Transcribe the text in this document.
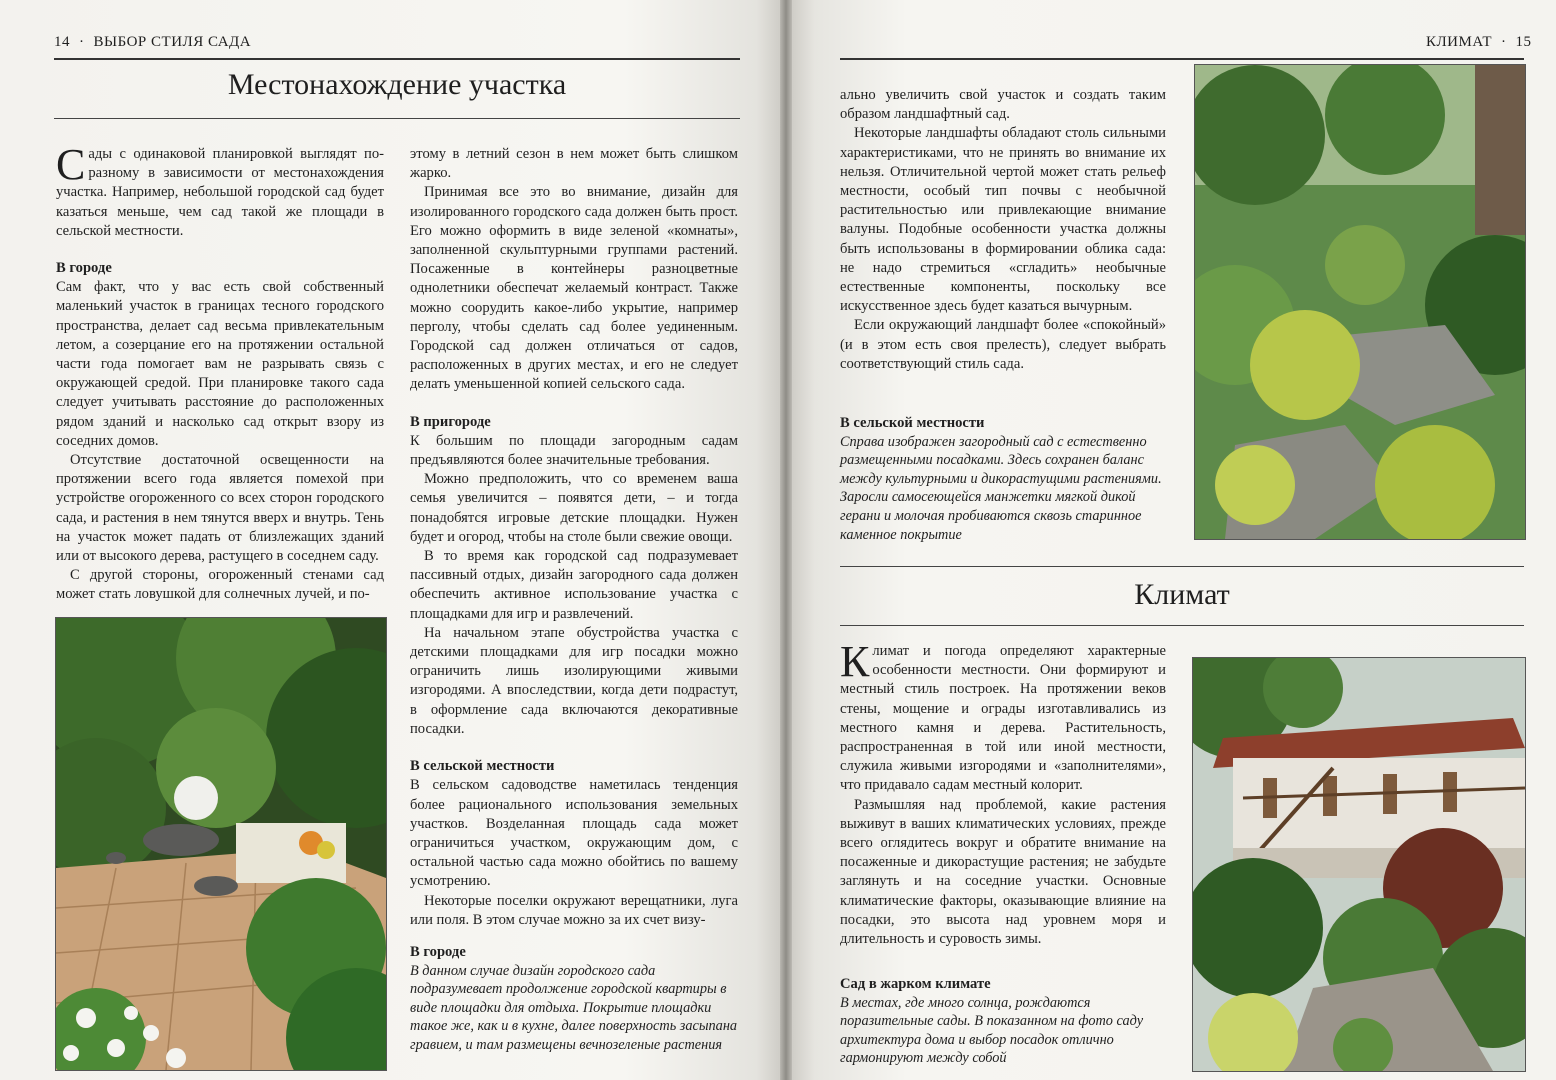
14 · ВЫБОР СТИЛЯ САДА
Местонахождение участка

Сады с одинаковой планировкой выглядят по-разному в зависимости от местонахождения участка. Например, небольшой городской сад будет казаться меньше, чем сад такой же площади в сельской местности.

В городе

Сам факт, что у вас есть свой собственный маленький участок в границах тесного городского пространства, делает сад весьма привлекательным летом, а созерцание его на протяжении остальной части года помогает вам не разрывать связь с окружающей средой. При планировке такого сада следует учитывать расстояние до расположенных рядом зданий и насколько сад открыт взору из соседних домов.

Отсутствие достаточной освещенности на протяжении всего года является помехой при устройстве огороженного со всех сторон городского сада, и растения в нем тянутся вверх и внутрь. Тень на участок может падать от близлежащих зданий или от высокого дерева, растущего в соседнем саду.

С другой стороны, огороженный стенами сад может стать ловушкой для солнечных лучей, и по-

этому в летний сезон в нем может быть слишком жарко.

Принимая все это во внимание, дизайн для изолированного городского сада должен быть прост. Его можно оформить в виде зеленой «комнаты», заполненной скульптурными группами растений. Посаженные в контейнеры разноцветные однолетники обеспечат желаемый контраст. Также можно соорудить какое-либо укрытие, например перголу, чтобы сделать сад более уединенным. Городской сад должен отличаться от садов, расположенных в других местах, и его не следует делать уменьшенной копией сельского сада.

В пригороде

К большим по площади загородным садам предъявляются более значительные требования.

Можно предположить, что со временем ваша семья увеличится – появятся дети, – и тогда понадобятся игровые детские площадки. Нужен будет и огород, чтобы на столе были свежие овощи.

В то время как городской сад подразумевает пассивный отдых, дизайн загородного сада должен обеспечить активное использование участка с площадками для игр и развлечений.

На начальном этапе обустройства участка с детскими площадками для игр посадки можно ограничить лишь изолирующими живыми изгородями. А впоследствии, когда дети подрастут, в оформление сада включаются декоративные посадки.

В сельской местности

В сельском садоводстве наметилась тенденция более рационального использования земельных участков. Возделанная площадь сада может ограничиться участком, окружающим дом, с остальной частью сада можно обойтись по вашему усмотрению.

Некоторые поселки окружают верещатники, луга или поля. В этом случае можно за их счет визу-

В городе
В данном случае дизайн городского сада подразумевает продолжение городской квартиры в виде площадки для отдыха. Покрытие площадки такое же, как и в кухне, далее поверхность засыпана гравием, и там размещены вечнозеленые растения
КЛИМАТ · 15

ально увеличить свой участок и создать таким образом ландшафтный сад.

Некоторые ландшафты обладают столь сильными характеристиками, что не принять во внимание их нельзя. Отличительной чертой может стать рельеф местности, особый тип почвы с необычной растительностью или привлекающие внимание валуны. Подобные особенности участка должны быть использованы в формировании облика сада: не надо стремиться «сгладить» необычные естественные компоненты, поскольку все искусственное здесь будет казаться вычурным.

Если окружающий ландшафт более «спокойный» (и в этом есть своя прелесть), следует выбрать соответствующий стиль сада.

В сельской местности
Справа изображен загородный сад с естественно размещенными посадками. Здесь сохранен баланс между культурными и дикорастущими растениями. Заросли самосеющейся манжетки мягкой дикой герани и молочая пробиваются сквозь старинное каменное покрытие
Климат

Климат и погода определяют характерные особенности местности. Они формируют и местный стиль построек. На протяжении веков стены, мощение и ограды изготавливались из местного камня и дерева. Растительность, распространенная в той или иной местности, служила живыми изгородями и «заполнителями», что придавало садам местный колорит.

Размышляя над проблемой, какие растения выживут в ваших климатических условиях, прежде всего оглядитесь вокруг и обратите внимание на посаженные и дикорастущие растения; не забудьте заглянуть и на соседние участки. Основные климатические факторы, оказывающие влияние на посадки, это высота над уровнем моря и длительность и суровость зимы.

Сад в жарком климате
В местах, где много солнца, рождаются поразительные сады. В показанном на фото саду архитектура дома и выбор посадок отлично гармонируют между собой
